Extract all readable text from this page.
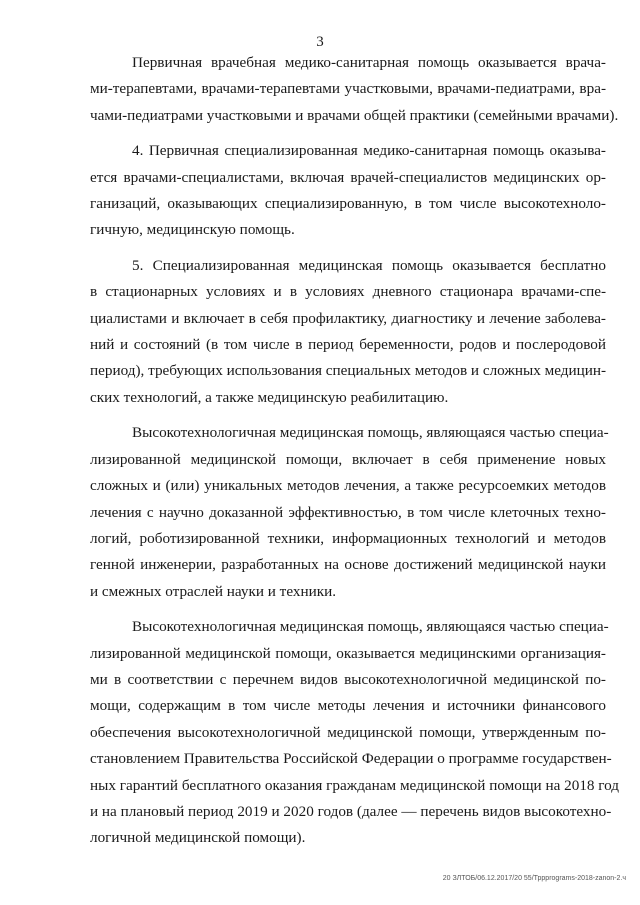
3

Первичная врачебная медико-санитарная помощь оказывается врача-
ми-терапевтами, врачами-терапевтами участковыми, врачами-педиатрами, вра-
чами-педиатрами участковыми и врачами общей практики (семейными врачами).

4. Первичная специализированная медико-санитарная помощь оказыва-
ется врачами-специалистами, включая врачей-специалистов медицинских ор-
ганизаций, оказывающих специализированную, в том числе высокотехноло-
гичную, медицинскую помощь.

5. Специализированная медицинская помощь оказывается бесплатно
в стационарных условиях и в условиях дневного стационара врачами-спе-
циалистами и включает в себя профилактику, диагностику и лечение заболева-
ний и состояний (в том числе в период беременности, родов и послеродовой
период), требующих использования специальных методов и сложных медицин-
ских технологий, а также медицинскую реабилитацию.

Высокотехнологичная медицинская помощь, являющаяся частью специа-
лизированной медицинской помощи, включает в себя применение новых
сложных и (или) уникальных методов лечения, а также ресурсоемких методов
лечения с научно доказанной эффективностью, в том числе клеточных техно-
логий, роботизированной техники, информационных технологий и методов
генной инженерии, разработанных на основе достижений медицинской науки
и смежных отраслей науки и техники.

Высокотехнологичная медицинская помощь, являющаяся частью специа-
лизированной медицинской помощи, оказывается медицинскими организация-
ми в соответствии с перечнем видов высокотехнологичной медицинской по-
мощи, содержащим в том числе методы лечения и источники финансового
обеспечения высокотехнологичной медицинской помощи, утвержденным по-
становлением Правительства Российской Федерации о программе государствен-
ных гарантий бесплатного оказания гражданам медицинской помощи на 2018 год
и на плановый период 2019 и 2020 годов (далее — перечень видов высокотехно-
логичной медицинской помощи).

20 ЗЛТОБ/06.12.2017/20 55/Трpprograms-2018-zanon-2.ч
